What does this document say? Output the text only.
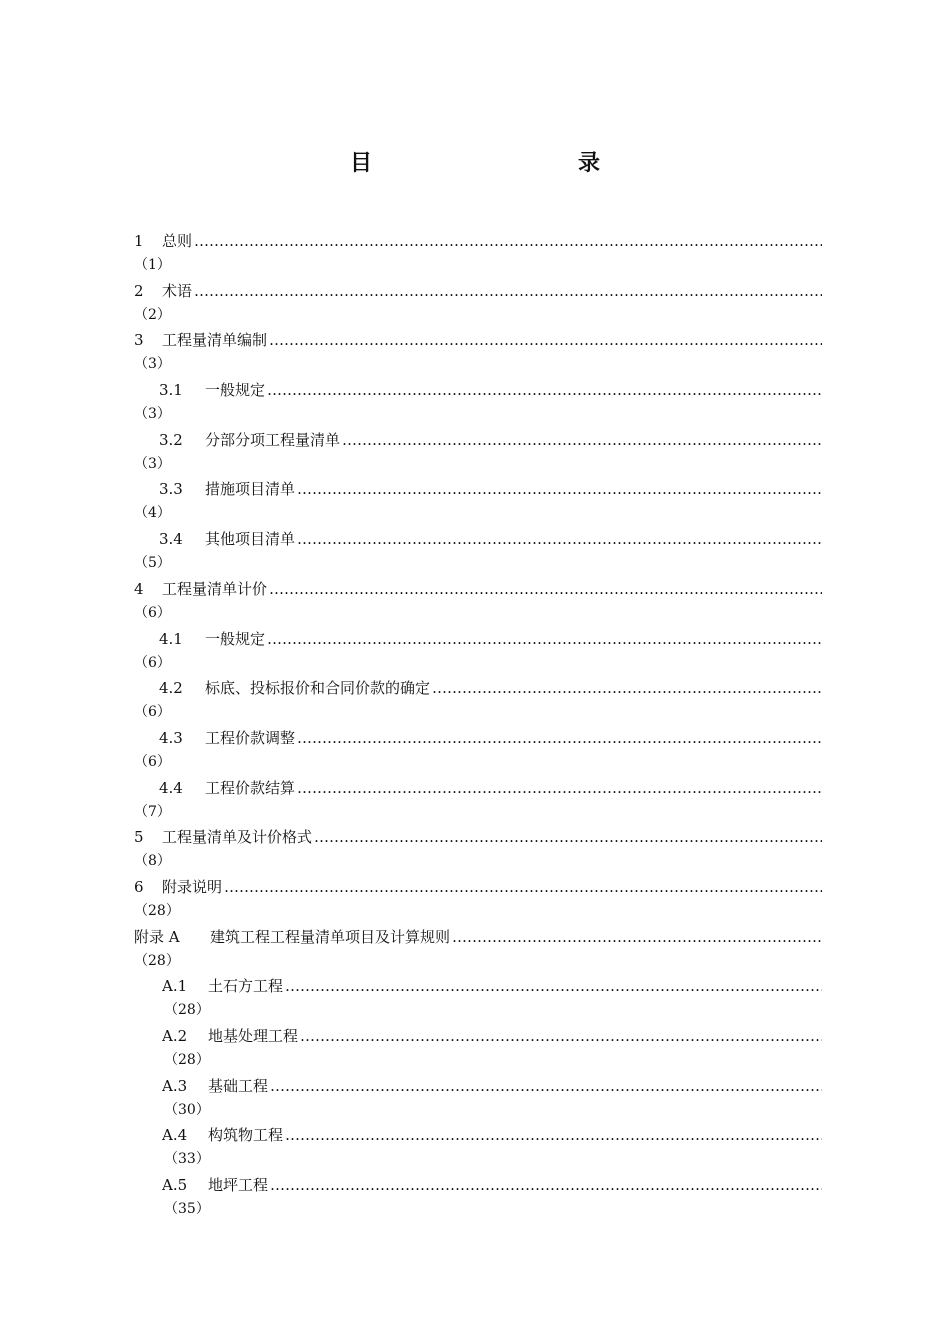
目　　录
1	总则
………………………………………………………………………………………………………………………………………………………………………………………………………
（1）
2	术语
………………………………………………………………………………………………………………………………………………………………………………………………………
（2）
3	工程量清单编制
………………………………………………………………………………………………………………………………………………………………………………………………………
（3）
3.1	一般规定
………………………………………………………………………………………………………………………………………………………………………………………………………
（3）
3.2	分部分项工程量清单
………………………………………………………………………………………………………………………………………………………………………………………………………
（3）
3.3	措施项目清单
………………………………………………………………………………………………………………………………………………………………………………………………………
（4）
3.4	其他项目清单
………………………………………………………………………………………………………………………………………………………………………………………………………
（5）
4	工程量清单计价
………………………………………………………………………………………………………………………………………………………………………………………………………
（6）
4.1	一般规定
………………………………………………………………………………………………………………………………………………………………………………………………………
（6）
4.2	标底、投标报价和合同价款的确定
………………………………………………………………………………………………………………………………………………………………………………………………………
（6）
4.3	工程价款调整
………………………………………………………………………………………………………………………………………………………………………………………………………
（6）
4.4	工程价款结算
………………………………………………………………………………………………………………………………………………………………………………………………………
（7）
5	工程量清单及计价格式
………………………………………………………………………………………………………………………………………………………………………………………………………
（8）
6	附录说明
………………………………………………………………………………………………………………………………………………………………………………………………………
（28）
附录 A	建筑工程工程量清单项目及计算规则
………………………………………………………………………………………………………………………………………………………………………………………………………
（28）
A.1	土石方工程
………………………………………………………………………………………………………………………………………………………………………………………………………
（28）
A.2	地基处理工程
………………………………………………………………………………………………………………………………………………………………………………………………………
（28）
A.3	基础工程
………………………………………………………………………………………………………………………………………………………………………………………………………
（30）
A.4	构筑物工程
………………………………………………………………………………………………………………………………………………………………………………………………………
（33）
A.5	地坪工程
………………………………………………………………………………………………………………………………………………………………………………………………………
（35）
